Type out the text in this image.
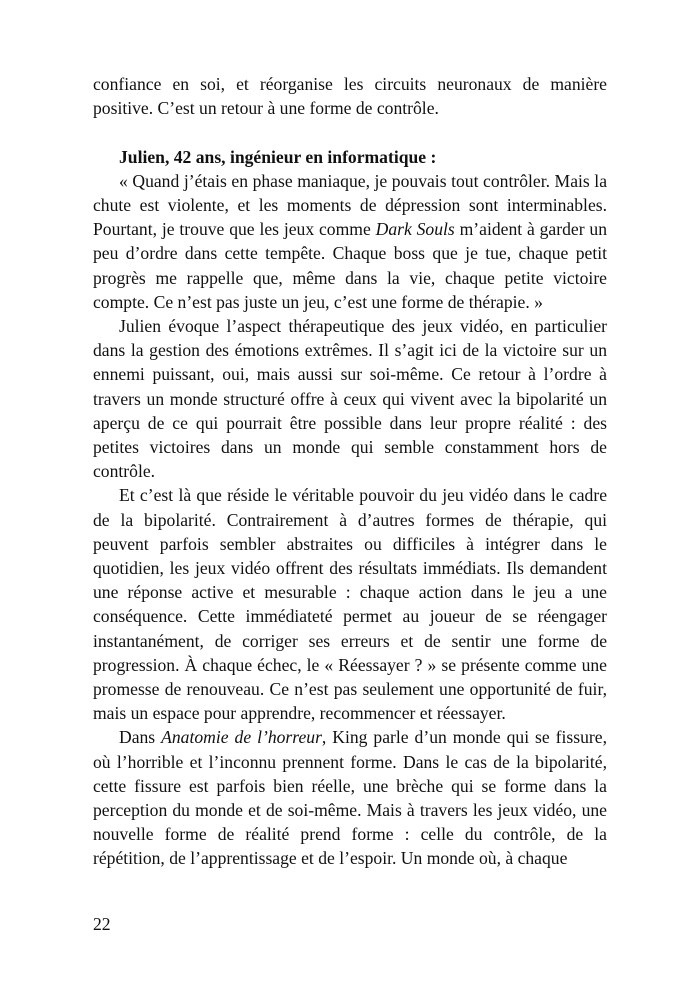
confiance en soi, et réorganise les circuits neuronaux de manière positive. C’est un retour à une forme de contrôle.

Julien, 42 ans, ingénieur en informatique :

« Quand j’étais en phase maniaque, je pouvais tout contrôler. Mais la chute est violente, et les moments de dépression sont interminables. Pourtant, je trouve que les jeux comme Dark Souls m’aident à garder un peu d’ordre dans cette tempête. Chaque boss que je tue, chaque petit progrès me rappelle que, même dans la vie, chaque petite victoire compte. Ce n’est pas juste un jeu, c’est une forme de thérapie. »

Julien évoque l’aspect thérapeutique des jeux vidéo, en particulier dans la gestion des émotions extrêmes. Il s’agit ici de la victoire sur un ennemi puissant, oui, mais aussi sur soi-même. Ce retour à l’ordre à travers un monde structuré offre à ceux qui vivent avec la bipolarité un aperçu de ce qui pourrait être possible dans leur propre réalité : des petites victoires dans un monde qui semble constamment hors de contrôle.

Et c’est là que réside le véritable pouvoir du jeu vidéo dans le cadre de la bipolarité. Contrairement à d’autres formes de thérapie, qui peuvent parfois sembler abstraites ou difficiles à intégrer dans le quotidien, les jeux vidéo offrent des résultats immédiats. Ils demandent une réponse active et mesurable : chaque action dans le jeu a une conséquence. Cette immédiateté permet au joueur de se réengager instantanément, de corriger ses erreurs et de sentir une forme de progression. À chaque échec, le « Réessayer ? » se présente comme une promesse de renouveau. Ce n’est pas seulement une opportunité de fuir, mais un espace pour apprendre, recommencer et réessayer.

Dans Anatomie de l’horreur, King parle d’un monde qui se fissure, où l’horrible et l’inconnu prennent forme. Dans le cas de la bipolarité, cette fissure est parfois bien réelle, une brèche qui se forme dans la perception du monde et de soi-même. Mais à travers les jeux vidéo, une nouvelle forme de réalité prend forme : celle du contrôle, de la répétition, de l’apprentissage et de l’espoir. Un monde où, à chaque

22
